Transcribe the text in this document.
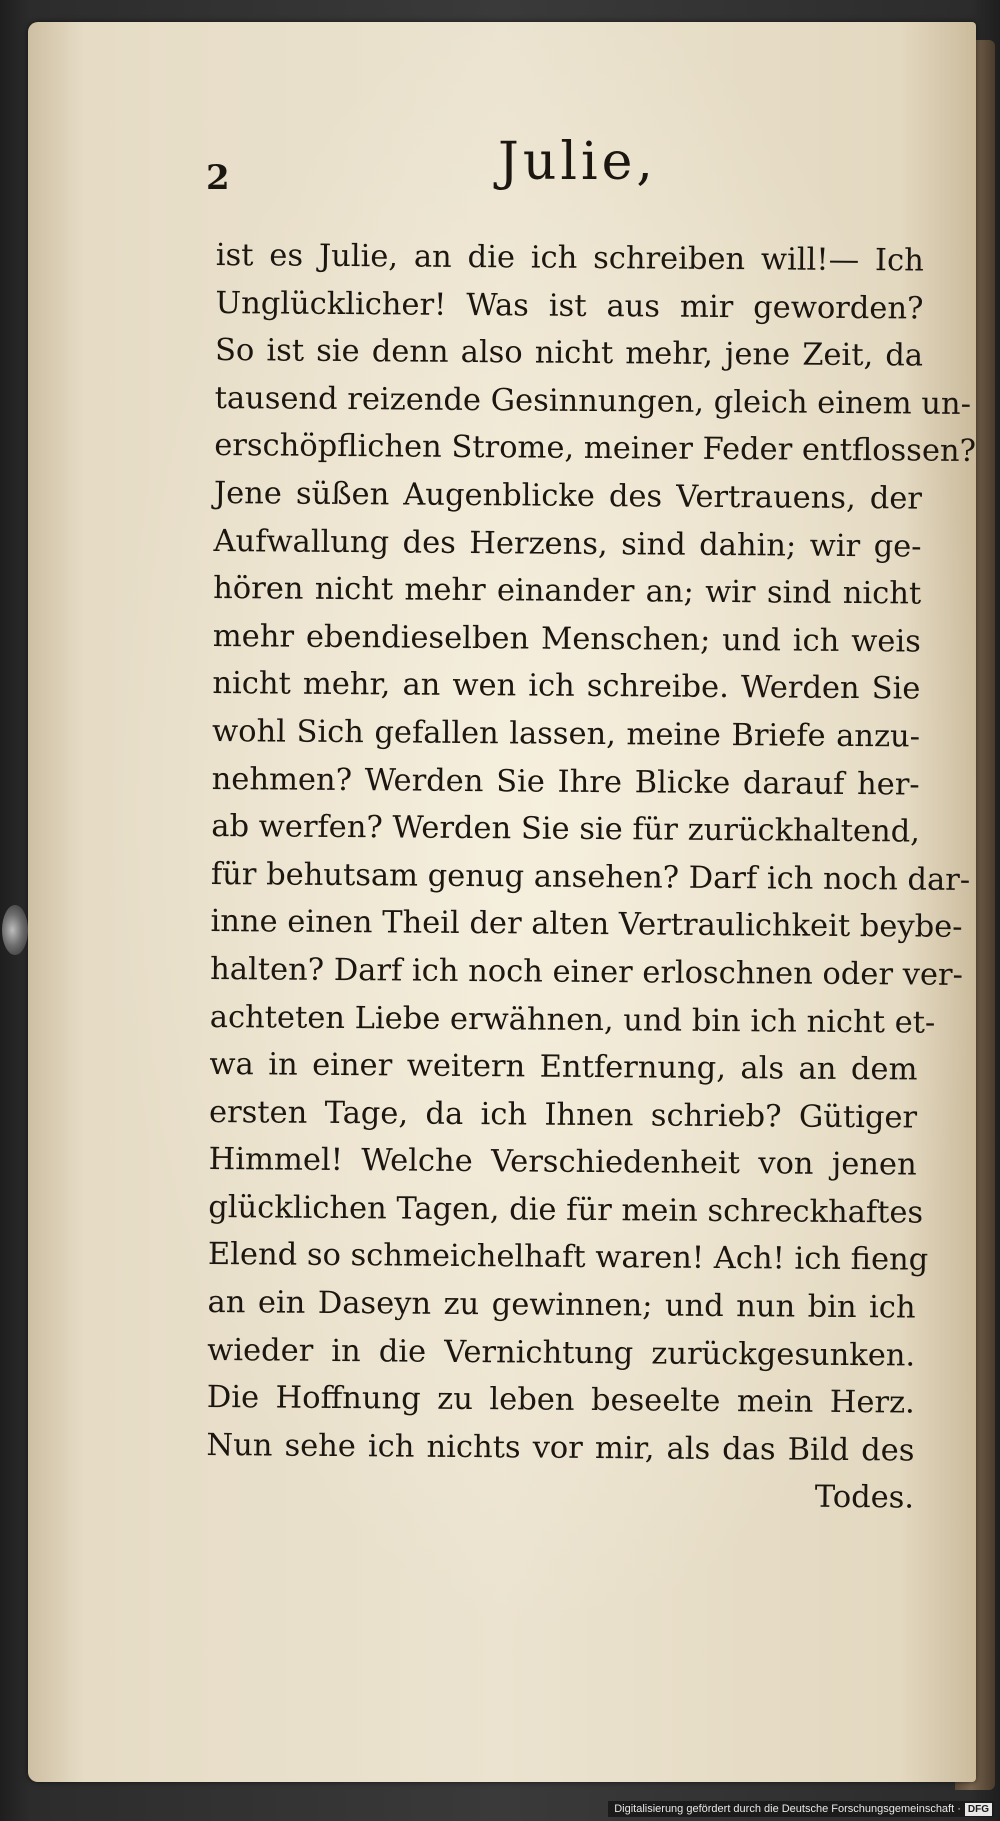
2	Julie,
ist es Julie, an die ich schreiben will!— Ich
Unglücklicher! Was ist aus mir geworden?
So ist sie denn also nicht mehr, jene Zeit, da
tausend reizende Gesinnungen, gleich einem un-
erschöpflichen Strome, meiner Feder entflossen?
Jene süßen Augenblicke des Vertrauens, der
Aufwallung des Herzens, sind dahin; wir ge-
hören nicht mehr einander an; wir sind nicht
mehr ebendieselben Menschen; und ich weis
nicht mehr, an wen ich schreibe. Werden Sie
wohl Sich gefallen lassen, meine Briefe anzu-
nehmen? Werden Sie Ihre Blicke darauf her-
ab werfen? Werden Sie sie für zurückhaltend,
für behutsam genug ansehen? Darf ich noch dar-
inne einen Theil der alten Vertraulichkeit beybe-
halten? Darf ich noch einer erloschnen oder ver-
achteten Liebe erwähnen, und bin ich nicht et-
wa in einer weitern Entfernung, als an dem
ersten Tage, da ich Ihnen schrieb? Gütiger
Himmel! Welche Verschiedenheit von jenen
glücklichen Tagen, die für mein schreckhaftes
Elend so schmeichelhaft waren! Ach! ich fieng
an ein Daseyn zu gewinnen; und nun bin ich
wieder in die Vernichtung zurückgesunken.
Die Hoffnung zu leben beseelte mein Herz.
Nun sehe ich nichts vor mir, als das Bild des
Todes.
Digitalisierung gefördert durch die Deutsche Forschungsgemeinschaft · DFG
